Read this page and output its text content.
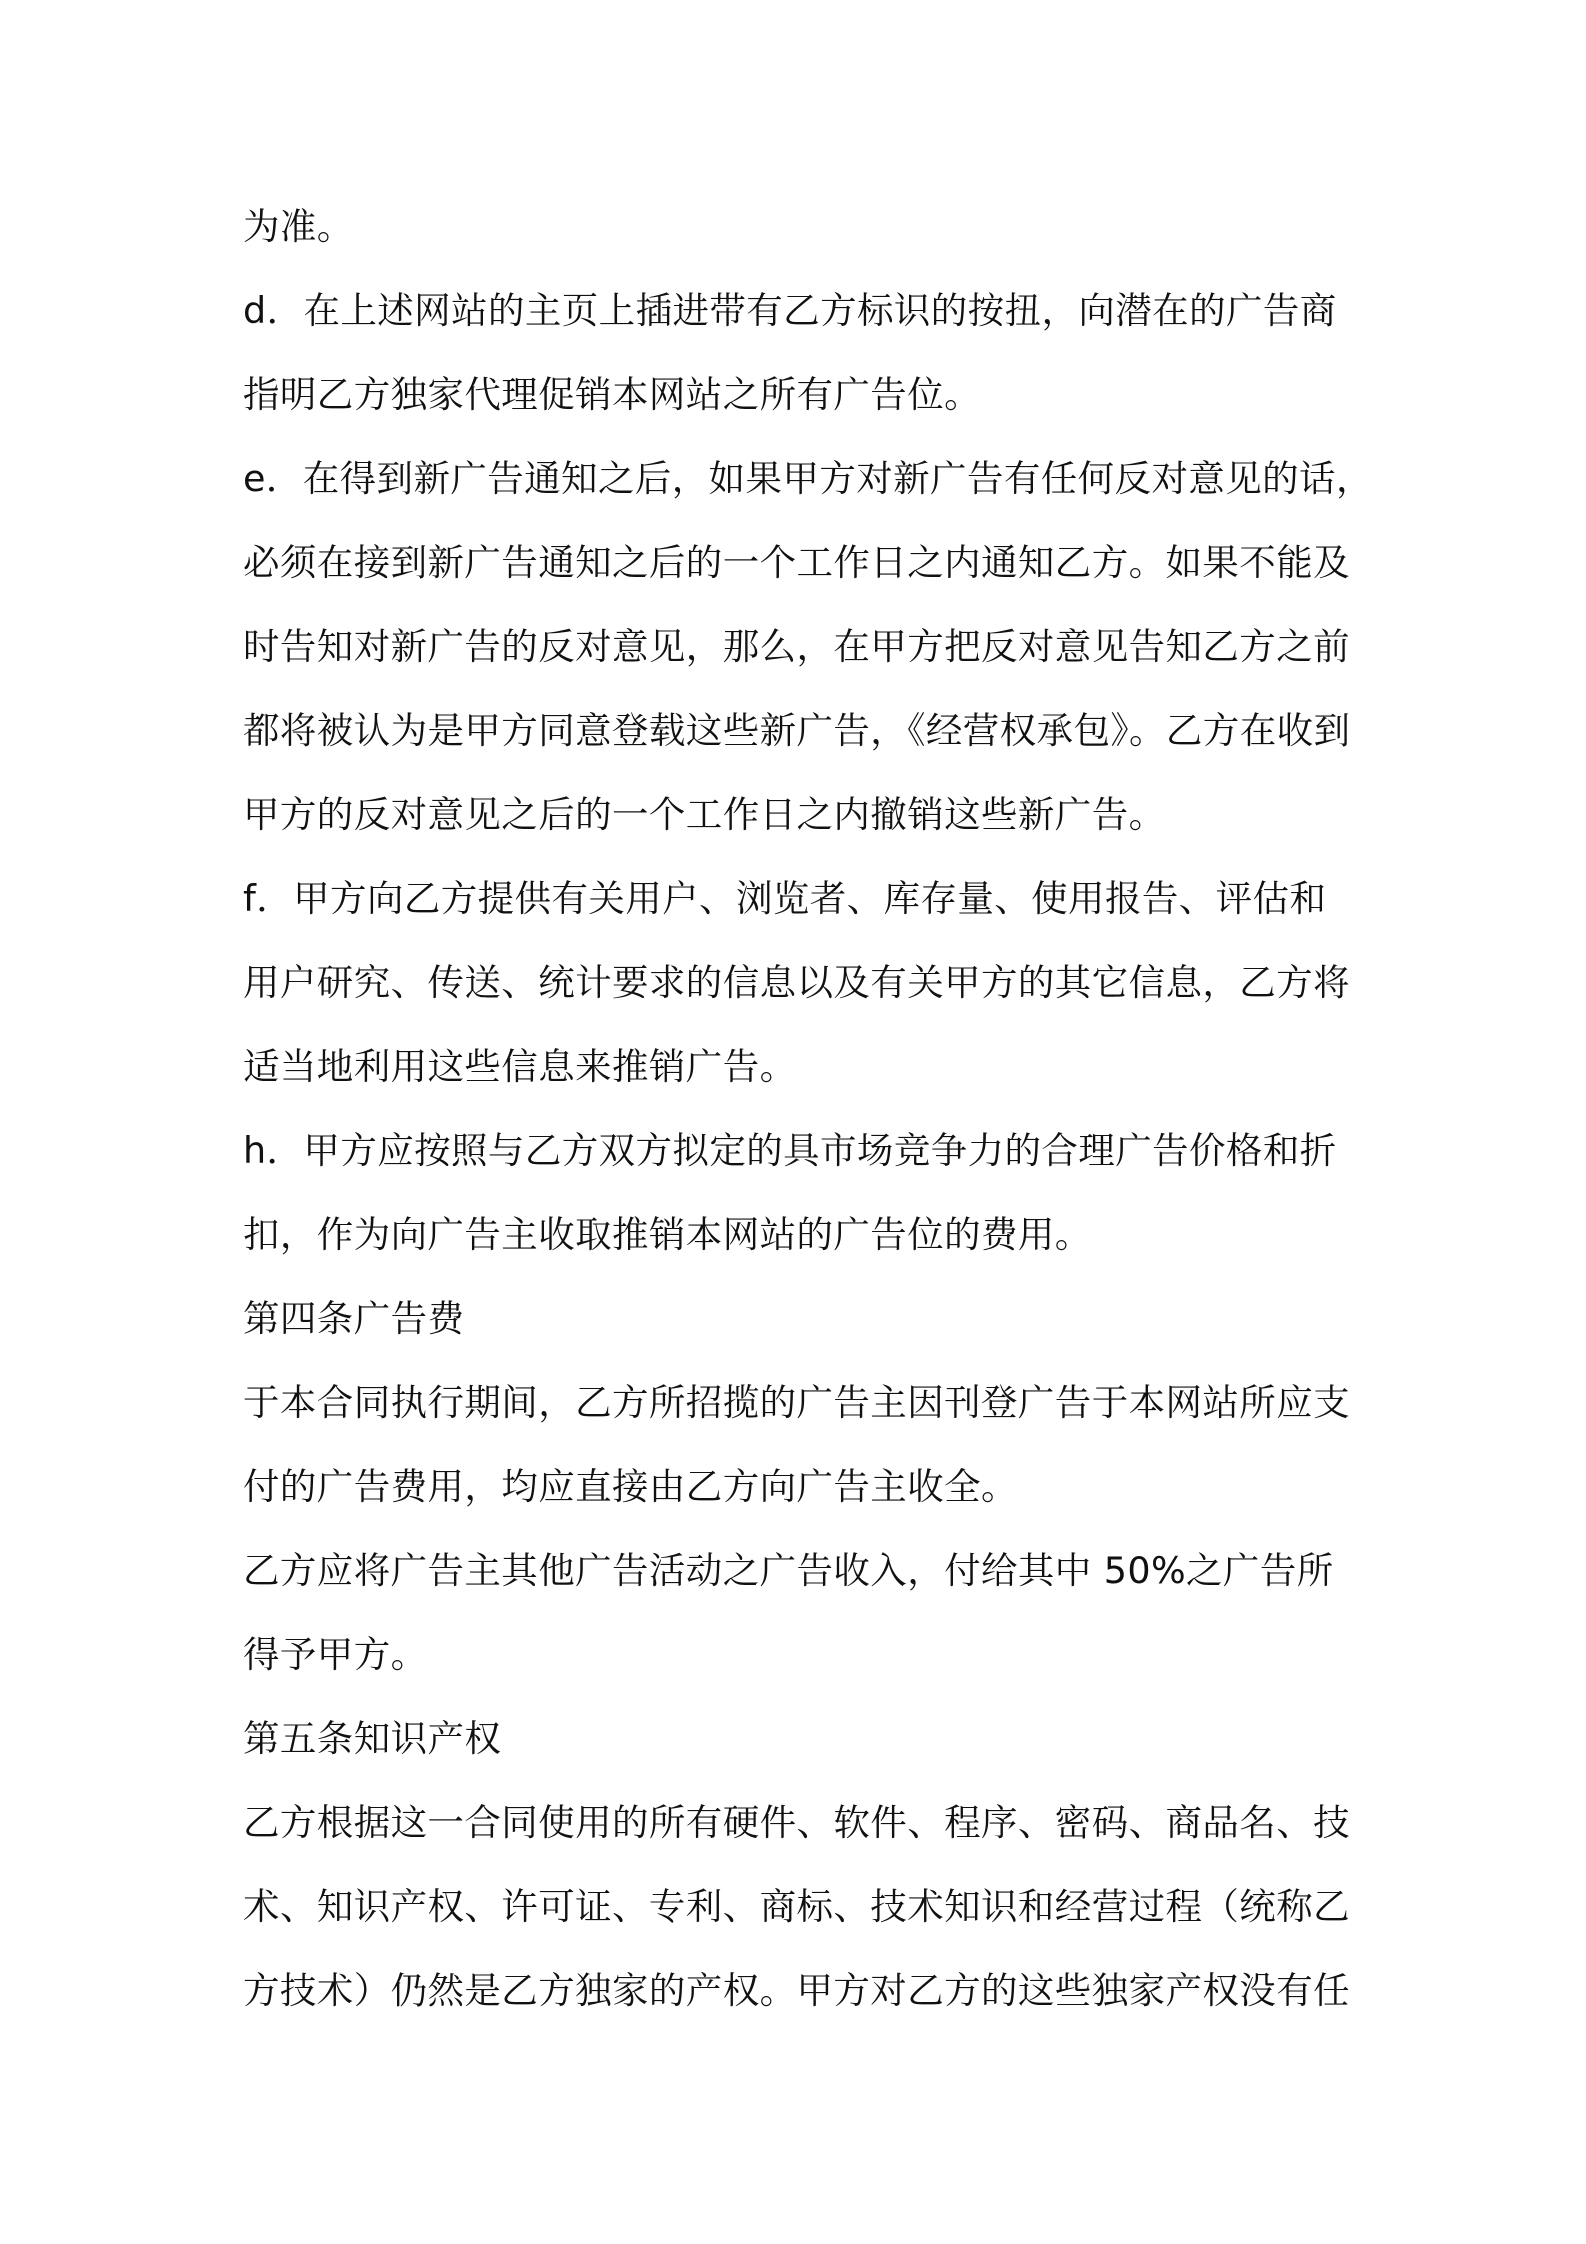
为准。
d．在上述网站的主页上插进带有乙方标识的按扭，向潜在的广告商
指明乙方独家代理促销本网站之所有广告位。
e．在得到新广告通知之后，如果甲方对新广告有任何反对意见的话，
必须在接到新广告通知之后的一个工作日之内通知乙方。如果不能及
时告知对新广告的反对意见，那么，在甲方把反对意见告知乙方之前
都将被认为是甲方同意登载这些新广告，《经营权承包》。乙方在收到
甲方的反对意见之后的一个工作日之内撤销这些新广告。
f．甲方向乙方提供有关用户、浏览者、库存量、使用报告、评估和
用户研究、传送、统计要求的信息以及有关甲方的其它信息，乙方将
适当地利用这些信息来推销广告。
h．甲方应按照与乙方双方拟定的具市场竞争力的合理广告价格和折
扣，作为向广告主收取推销本网站的广告位的费用。
第四条广告费
于本合同执行期间，乙方所招揽的广告主因刊登广告于本网站所应支
付的广告费用，均应直接由乙方向广告主收全。
乙方应将广告主其他广告活动之广告收入，付给其中 50%之广告所
得予甲方。
第五条知识产权
乙方根据这一合同使用的所有硬件、软件、程序、密码、商品名、技
术、知识产权、许可证、专利、商标、技术知识和经营过程（统称乙
方技术）仍然是乙方独家的产权。甲方对乙方的这些独家产权没有任
